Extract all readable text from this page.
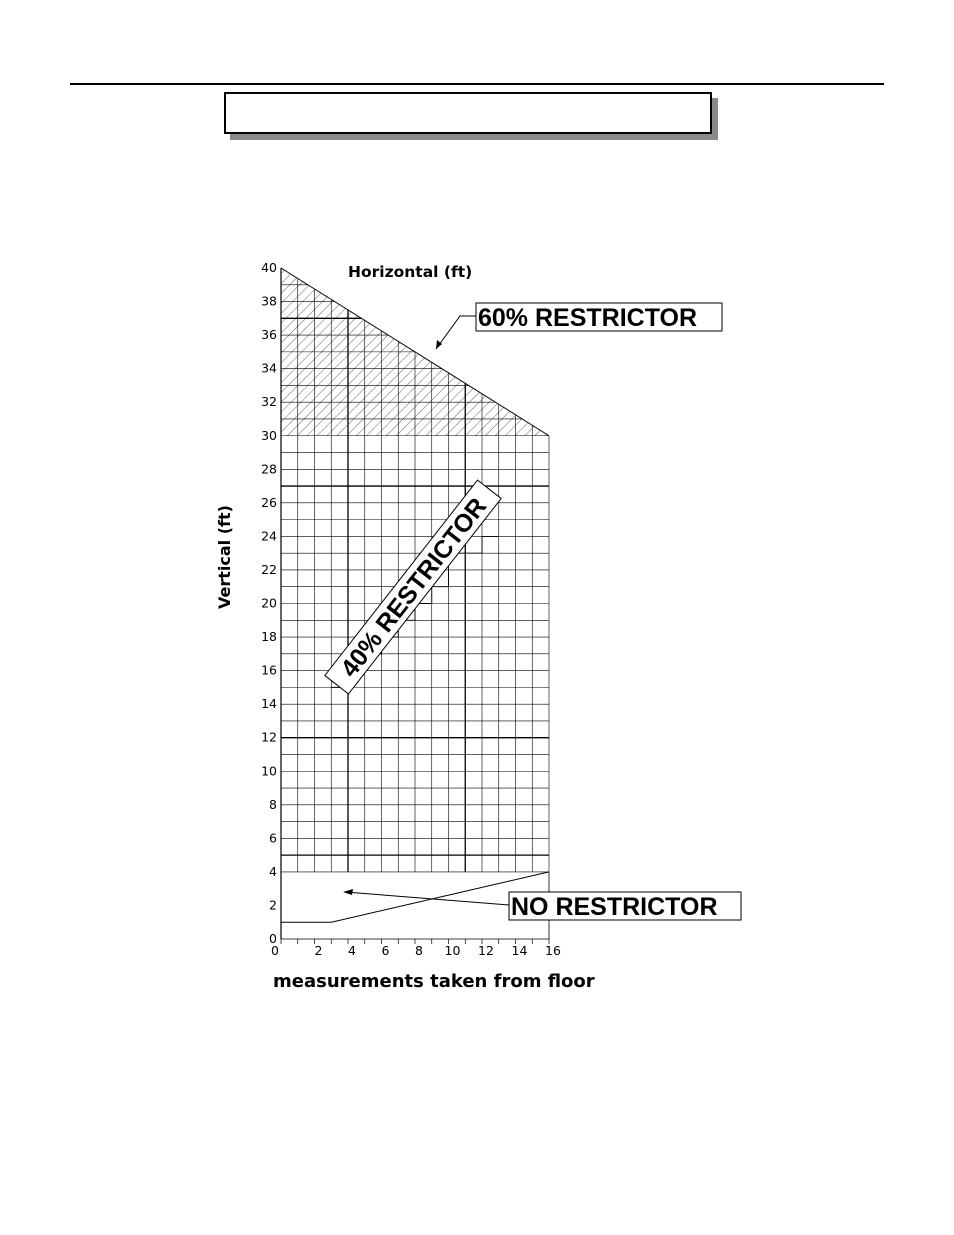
0
2
4
6
8
10
12
14
16
18
20
22
24
26
28
30
32
34
36
38
40
0	2 4 6 8 10 12 14 16
Horizontal (ft)
Vertical (ft)
measurements taken from floor
60% RESTRICTOR
40% RESTRICTOR
NO RESTRICTOR
